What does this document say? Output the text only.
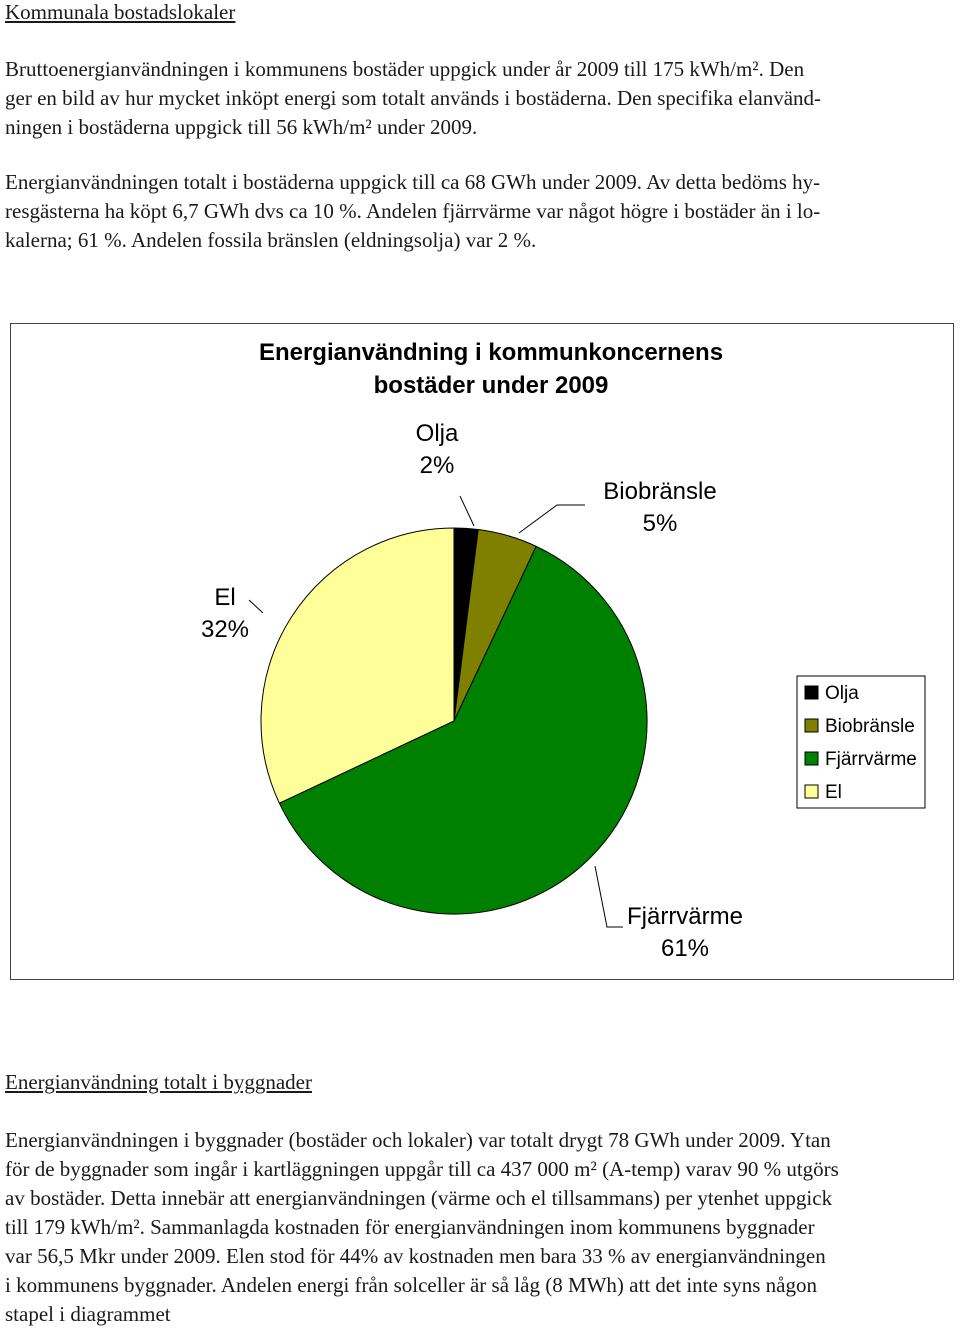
Kommunala bostadslokaler

Bruttoenergianvändningen i kommunens bostäder uppgick under år 2009 till 175 kWh/m². Den
ger en bild av hur mycket inköpt energi som totalt används i bostäderna. Den specifika elanvänd-
ningen i bostäderna uppgick till 56 kWh/m² under 2009.

Energianvändningen totalt i bostäderna uppgick till ca 68 GWh under 2009. Av detta bedöms hy-
resgästerna ha köpt 6,7 GWh dvs ca 10 %. Andelen fjärrvärme var något högre i bostäder än i lo-
kalerna; 61 %. Andelen fossila bränslen (eldningsolja) var 2 %.

Energianvändning i kommunkoncernens
bostäder under 2009
Olja
2%
Biobränsle
5%
El
32%
Fjärrvärme
61%
Olja
Biobränsle
Fjärrvärme
El
Energianvändning totalt i byggnader

Energianvändningen i byggnader (bostäder och lokaler) var totalt drygt 78 GWh under 2009. Ytan
för de byggnader som ingår i kartläggningen uppgår till ca 437 000 m² (A-temp) varav 90 % utgörs
av bostäder. Detta innebär att energianvändningen (värme och el tillsammans) per ytenhet uppgick
till 179 kWh/m². Sammanlagda kostnaden för energianvändningen inom kommunens byggnader
var 56,5 Mkr under 2009. Elen stod för 44% av kostnaden men bara 33 % av energianvändningen
i kommunens byggnader. Andelen energi från solceller är så låg (8 MWh) att det inte syns någon
stapel i diagrammet
